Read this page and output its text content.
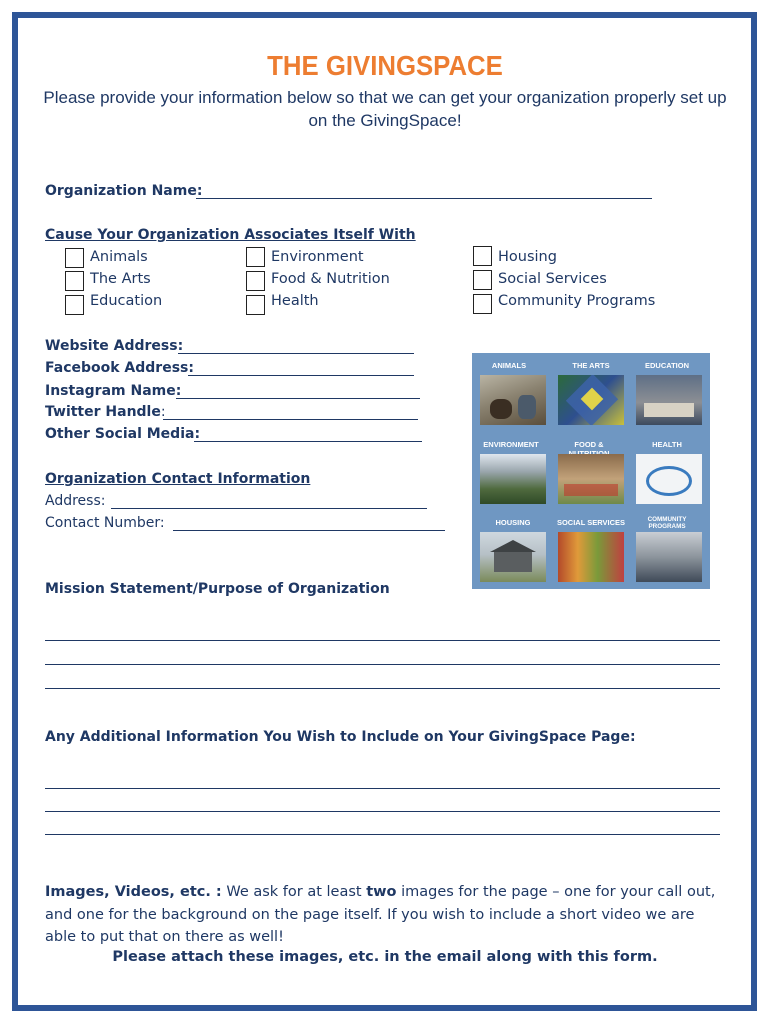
THE GIVINGSPACE
Please provide your information below so that we can get your organization properly set up on the GivingSpace!
Organization Name:
Cause Your Organization Associates Itself With
Animals
The Arts
Education
Environment
Food & Nutrition
Health
Housing
Social Services
Community Programs
Website Address:
Facebook Address:
Instagram Name:
Twitter Handle:
Other Social Media:
Organization Contact Information
Address:
Contact Number:
ANIMALS	THE ARTS	EDUCATION
ENVIRONMENT	FOOD &	HEALTH
HOUSING	SOCIAL SERVICES	COMMUNITY PROGRAMS
Mission Statement/Purpose of Organization
Any Additional Information You Wish to Include on Your GivingSpace Page:
Images, Videos, etc. : We ask for at least two images for the page – one for your call out, and one for the background on the page itself. If you wish to include a short video we are able to put that on there as well!
Please attach these images, etc. in the email along with this form.
